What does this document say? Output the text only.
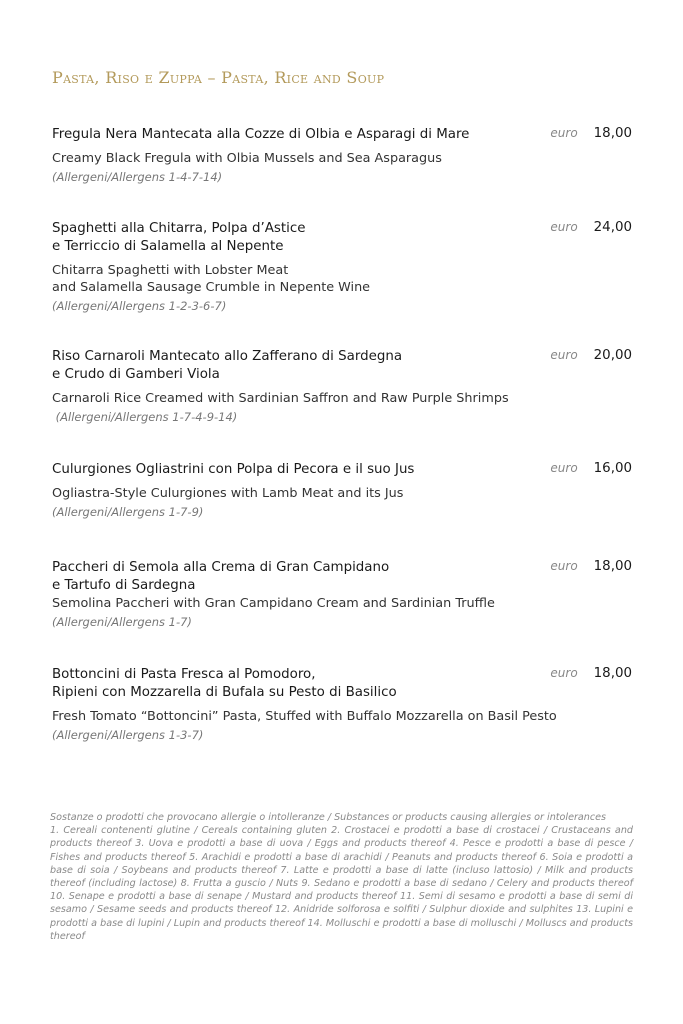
Pasta, Riso e Zuppa – Pasta, Rice and Soup
Fregula Nera Mantecata alla Cozze di Olbia e Asparagi di Mare
Creamy Black Fregula with Olbia Mussels and Sea Asparagus
(Allergeni/Allergens 1-4-7-14)
euro 18,00
Spaghetti alla Chitarra, Polpa d’Astice
e Terriccio di Salamella al Nepente
Chitarra Spaghetti with Lobster Meat
and Salamella Sausage Crumble in Nepente Wine
(Allergeni/Allergens 1-2-3-6-7)
euro 24,00
Riso Carnaroli Mantecato allo Zafferano di Sardegna
e Crudo di Gamberi Viola
Carnaroli Rice Creamed with Sardinian Saffron and Raw Purple Shrimps
(Allergeni/Allergens 1-7-4-9-14)
euro 20,00
Culurgiones Ogliastrini con Polpa di Pecora e il suo Jus
Ogliastra-Style Culurgiones with Lamb Meat and its Jus
(Allergeni/Allergens 1-7-9)
euro 16,00
Paccheri di Semola alla Crema di Gran Campidano
e Tartufo di Sardegna
Semolina Paccheri with Gran Campidano Cream and Sardinian Truffle
(Allergeni/Allergens 1-7)
euro 18,00
Bottoncini di Pasta Fresca al Pomodoro,
Ripieni con Mozzarella di Bufala su Pesto di Basilico
Fresh Tomato “Bottoncini” Pasta, Stuffed with Buffalo Mozzarella on Basil Pesto
(Allergeni/Allergens 1-3-7)
euro 18,00
Sostanze o prodotti che provocano allergie o intolleranze / Substances or products causing allergies or intolerances
1. Cereali contenenti glutine / Cereals containing gluten 2. Crostacei e prodotti a base di crostacei / Crustaceans and products thereof 3. Uova e prodotti a base di uova / Eggs and products thereof 4. Pesce e prodotti a base di pesce / Fishes and products thereof 5. Arachidi e prodotti a base di arachidi / Peanuts and products thereof 6. Soia e prodotti a base di soia / Soybeans and products thereof 7. Latte e prodotti a base di latte (incluso lattosio) / Milk and products thereof (including lactose) 8. Frutta a guscio / Nuts 9. Sedano e prodotti a base di sedano / Celery and products thereof 10. Senape e prodotti a base di senape / Mustard and products thereof 11. Semi di sesamo e prodotti a base di semi di sesamo / Sesame seeds and products thereof 12. Anidride solforosa e solfiti / Sulphur dioxide and sulphites 13. Lupini e prodotti a base di lupini / Lupin and products thereof 14. Molluschi e prodotti a base di molluschi / Molluscs and products thereof
